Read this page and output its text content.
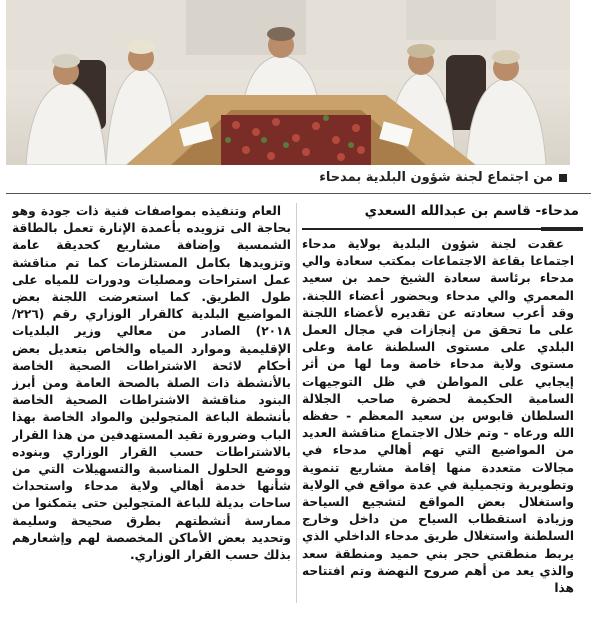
من اجتماع لجنة شؤون البلدية بمدحاء
مدحاء- قاسم بن عبدالله السعدي

عقدت لجنة شؤون البلدية بولاية مدحاء اجتماعا بقاعة الاجتماعات بمكتب سعادة والي مدحاء برئاسة سعادة الشيخ حمد بن سعيد المعمري والي مدحاء وبحضور أعضاء اللجنة. وقد أعرب سعادته عن تقديره لأعضاء اللجنة على ما تحقق من إنجازات في مجال العمل البلدي على مستوى السلطنة عامة وعلى مستوى ولاية مدحاء خاصة وما لها من أثر إيجابي على المواطن في ظل التوجيهات السامية الحكيمة لحضرة صاحب الجلالة السلطان قابوس بن سعيد المعظم - حفظه الله ورعاه - وتم خلال الاجتماع مناقشة العديد من المواضيع التي تهم أهالي مدحاء في مجالات متعددة منها إقامة مشاريع تنموية وتطويرية وتجميلية في عدة مواقع في الولاية واستغلال بعض المواقع لتشجيع السياحة وزيادة استقطاب السياح من داخل وخارج السلطنة واستغلال طريق مدحاء الداخلي الذي يربط منطقتي حجر بني حميد ومنطقة سعد والذي يعد من أهم صروح النهضة وتم افتتاحه هذا

العام وتنفيذه بمواصفات فنية ذات جودة وهو بحاجة الى تزويده بأعمدة الإنارة تعمل بالطاقة الشمسية وإضافة مشاريع كحديقة عامة وتزويدها بكامل المستلزمات كما تم مناقشة عمل استراحات ومصليات ودورات للمياه على طول الطريق. كما استعرضت اللجنة بعض المواضيع البلدية كالقرار الوزاري رقم (٢٢٦/ ٢٠١٨) الصادر من معالي وزير البلديات الإقليمية وموارد المياه والخاص بتعديل بعض أحكام لائحة الاشتراطات الصحية الخاصة بالأنشطة ذات الصلة بالصحة العامة ومن أبرز البنود مناقشة الاشتراطات الصحية الخاصة بأنشطة الباعة المتجولين والمواد الخاصة بهذا الباب وضرورة تقيد المستهدفين من هذا القرار بالاشتراطات حسب القرار الوزاري وبنوده ووضع الحلول المناسبة والتسهيلات التي من شأنها خدمة أهالي ولاية مدحاء واستحداث ساحات بديلة للباعة المتجولين حتى يتمكنوا من ممارسة أنشطتهم بطرق صحيحة وسليمة وتحديد بعض الأماكن المخصصة لهم وإشعارهم بذلك حسب القرار الوزاري.
